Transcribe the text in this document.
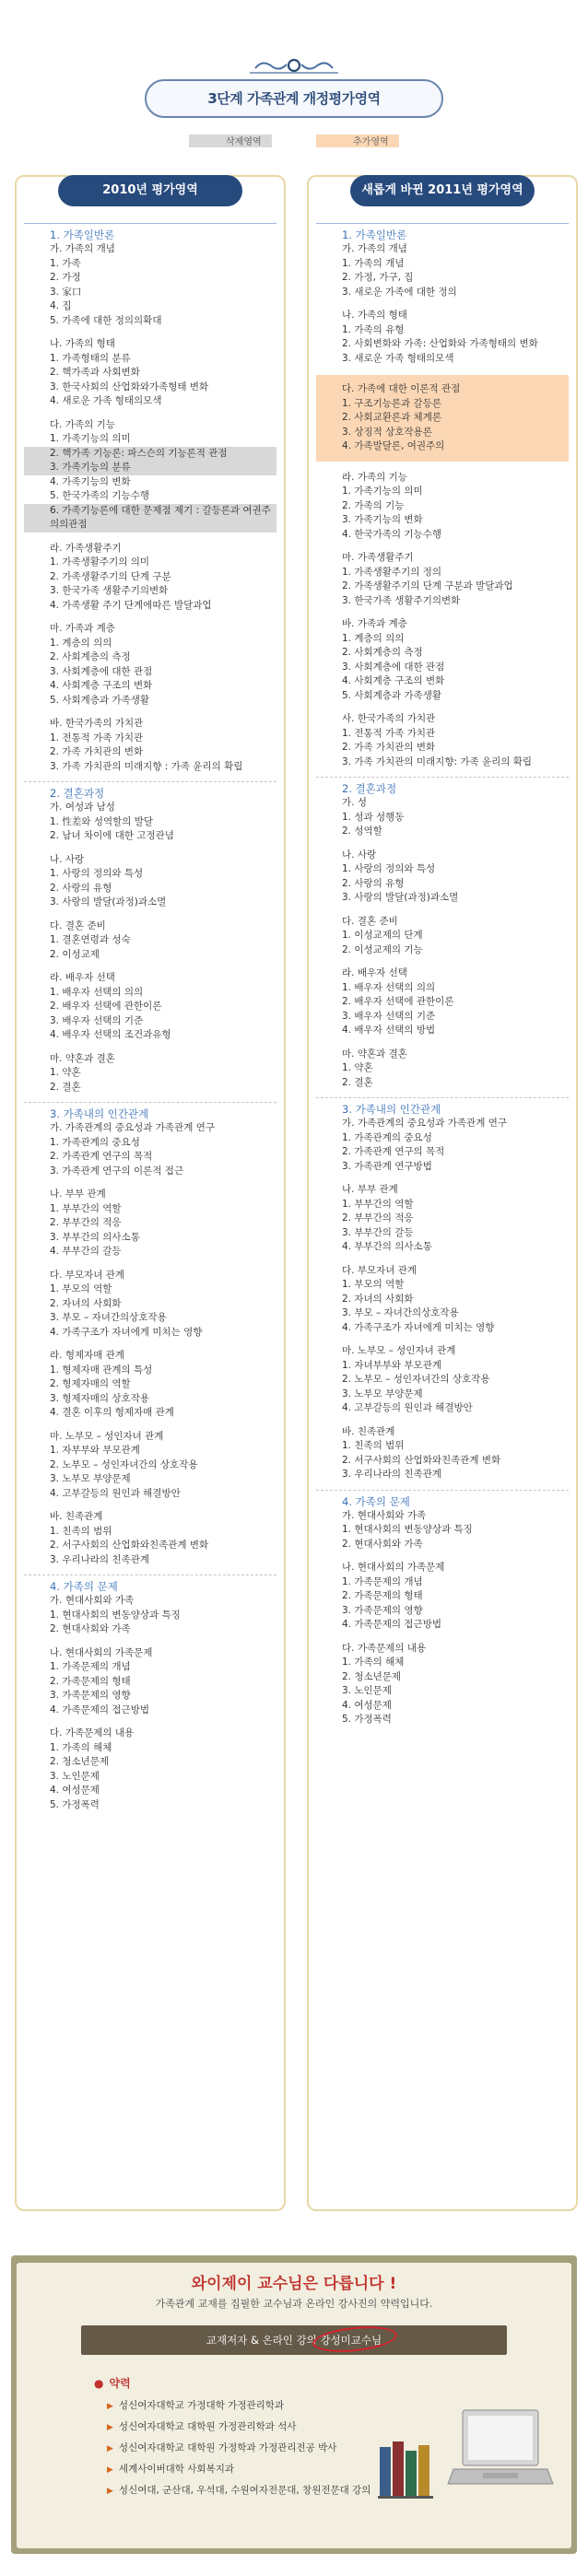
3단계 가족관계 개정평가영역
삭제영역	추가영역
2010년 평가영역
1. 가족일반론
가. 가족의 개념
1. 가족
2. 가정
3. 家口
4. 집
5. 가족에 대한 정의의확대
나. 가족의 형태
1. 가족형태의 분류
2. 핵가족과 사회변화
3. 한국사회의 산업화와가족형태 변화
4. 새로운 가족 형태의모색
다. 가족의 기능
1. 가족기능의 의미
2. 핵가족 기능론: 파스슨의 기능론적 관점
3. 가족기능의 분류
4. 가족기능의 변화
5. 한국가족의 기능수행
6. 가족기능론에 대한 문제점 제기 : 갈등론과 여권주의의관점
라. 가족생활주기
1. 가족생활주기의 의미
2. 가족생활주기의 단계 구분
3. 한국가족 생활주기의변화
4. 가족생활 주기 단계에따른 발달과업
마. 가족과 계층
1. 계층의 의의
2. 사회계층의 측정
3. 사회계층에 대한 관점
4. 사회계층 구조의 변화
5. 사회계층과 가족생활
바. 한국가족의 가치관
1. 전통적 가족 가치관
2. 가족 가치관의 변화
3. 가족 가치관의 미래지향 : 가족 윤리의 확립
2. 결혼과정
가. 여성과 남성
1. 性差와 성역할의 발달
2. 남녀 차이에 대한 고정관념
나. 사랑
1. 사랑의 정의와 특성
2. 사랑의 유형
3. 사랑의 발달(과정)과소멸
다. 결혼 준비
1. 결혼연령과 성숙
2. 이성교제
라. 배우자 선택
1. 배우자 선택의 의의
2. 배우자 선택에 관한이론
3. 배우자 선택의 기준
4. 배우자 선택의 조건과유형
마. 약혼과 결혼
1. 약혼
2. 결혼
3. 가족내의 인간관계
가. 가족관계의 중요성과 가족관계 연구
1. 가족관계의 중요성
2. 가족관계 연구의 목적
3. 가족관계 연구의 이론적 접근
나. 부부 관계
1. 부부간의 역할
2. 부부간의 적응
3. 부부간의 의사소통
4. 부부간의 갈등
다. 부모자녀 관계
1. 부모의 역할
2. 자녀의 사회화
3. 부모 – 자녀간의상호작용
4. 가족구조가 자녀에게 미치는 영향
라. 형제자매 관계
1. 형제자매 관계의 특성
2. 형제자매의 역할
3. 형제자매의 상호작용
4. 결혼 이후의 형제자매 관계
마. 노부모 – 성인자녀 관계
1. 자부부와 부모관계
2. 노부모 – 성인자녀간의 상호작용
3. 노부모 부양문제
4. 고부갈등의 원인과 해결방안
바. 친족관계
1. 친족의 범위
2. 서구사회의 산업화와친족관계 변화
3. 우리나라의 친족관계
4. 가족의 문제
가. 현대사회와 가족
1. 현대사회의 변동양상과 특징
2. 현대사회와 가족
나. 현대사회의 가족문제
1. 가족문제의 개념
2. 가족문제의 형태
3. 가족문제의 영향
4. 가족문제의 접근방법
다. 가족문제의 내용
1. 가족의 해체
2. 청소년문제
3. 노인문제
4. 여성문제
5. 가정폭력
새롭게 바뀐 2011년 평가영역
1. 가족일반론
가. 가족의 개념
1. 가족의 개념
2. 가정, 가구, 집
3. 새로운 가족에 대한 정의
나. 가족의 형태
1. 가족의 유형
2. 사회변화와 가족: 산업화와 가족형태의 변화
3. 새로운 가족 형태의모색
다. 가족에 대한 이론적 관점
1. 구조기능론과 갈등론
2. 사회교환론과 체계론
3. 상징적 상호작용론
4. 가족발달론, 여권주의
라. 가족의 기능
1. 가족기능의 의미
2. 가족의 기능
3. 가족기능의 변화
4. 한국가족의 기능수행
마. 가족생활주기
1. 가족생활주기의 정의
2. 가족생활주기의 단계 구분과 발달과업
3. 한국가족 생활주기의변화
바. 가족과 계층
1. 계층의 의의
2. 사회계층의 측정
3. 사회계층에 대한 관점
4. 사회계층 구조의 변화
5. 사회계층과 가족생활
사. 한국가족의 가치관
1. 전통적 가족 가치관
2. 가족 가치관의 변화
3. 가족 가치관의 미래지향: 가족 윤리의 확립
2. 결혼과정
가. 성
1. 성과 성행동
2. 성역할
나. 사랑
1. 사랑의 정의와 특성
2. 사랑의 유형
3. 사랑의 발달(과정)과소멸
다. 결혼 준비
1. 이성교제의 단계
2. 이성교제의 기능
라. 배우자 선택
1. 배우자 선택의 의의
2. 배우자 선택에 관한이론
3. 배우자 선택의 기준
4. 배우자 선택의 방법
마. 약혼과 결혼
1. 약혼
2. 결혼
3. 가족내의 인간관계
가. 가족관계의 중요성과 가족관계 연구
1. 가족관계의 중요성
2. 가족관계 연구의 목적
3. 가족관계 연구방법
나. 부부 관계
1. 부부간의 역할
2. 부부간의 적응
3. 부부간의 갈등
4. 부부간의 의사소통
다. 부모자녀 관계
1. 부모의 역할
2. 자녀의 사회화
3. 부모 – 자녀간의상호작용
4. 가족구조가 자녀에게 미치는 영향
마. 노부모 – 성인자녀 관계
1. 자녀부부와 부모관계
2. 노부모 – 성인자녀간의 상호작용
3. 노부모 부양문제
4. 고부갈등의 원인과 해결방안
바. 친족관계
1. 친족의 범위
2. 서구사회의 산업화와친족관계 변화
3. 우리나라의 친족관계
4. 가족의 문제
가. 현대사회와 가족
1. 현대사회의 변동양상과 특징
2. 현대사회와 가족
나. 현대사회의 가족문제
1. 가족문제의 개념
2. 가족문제의 형태
3. 가족문제의 영향
4. 가족문제의 접근방법
다. 가족문제의 내용
1. 가족의 해체
2. 청소년문제
3. 노인문제
4. 여성문제
5. 가정폭력
와이제이 교수님은 다릅니다 !
가족관계 교재를 집필한 교수님과 온라인 강사진의 약력입니다.
교재저자 & 온라인 강의
강성미교수님
● 약력
▶ 성신여자대학교 가정대학 가정관리학과
▶ 성신여자대학교 대학원 가정관리학과 석사
▶ 성신여자대학교 대학원 가정학과 가정관리전공 박사
▶ 세계사이버대학 사회복지과
▶ 성신여대, 군산대, 우석대, 수원여자전문대, 창원전문대 강의
